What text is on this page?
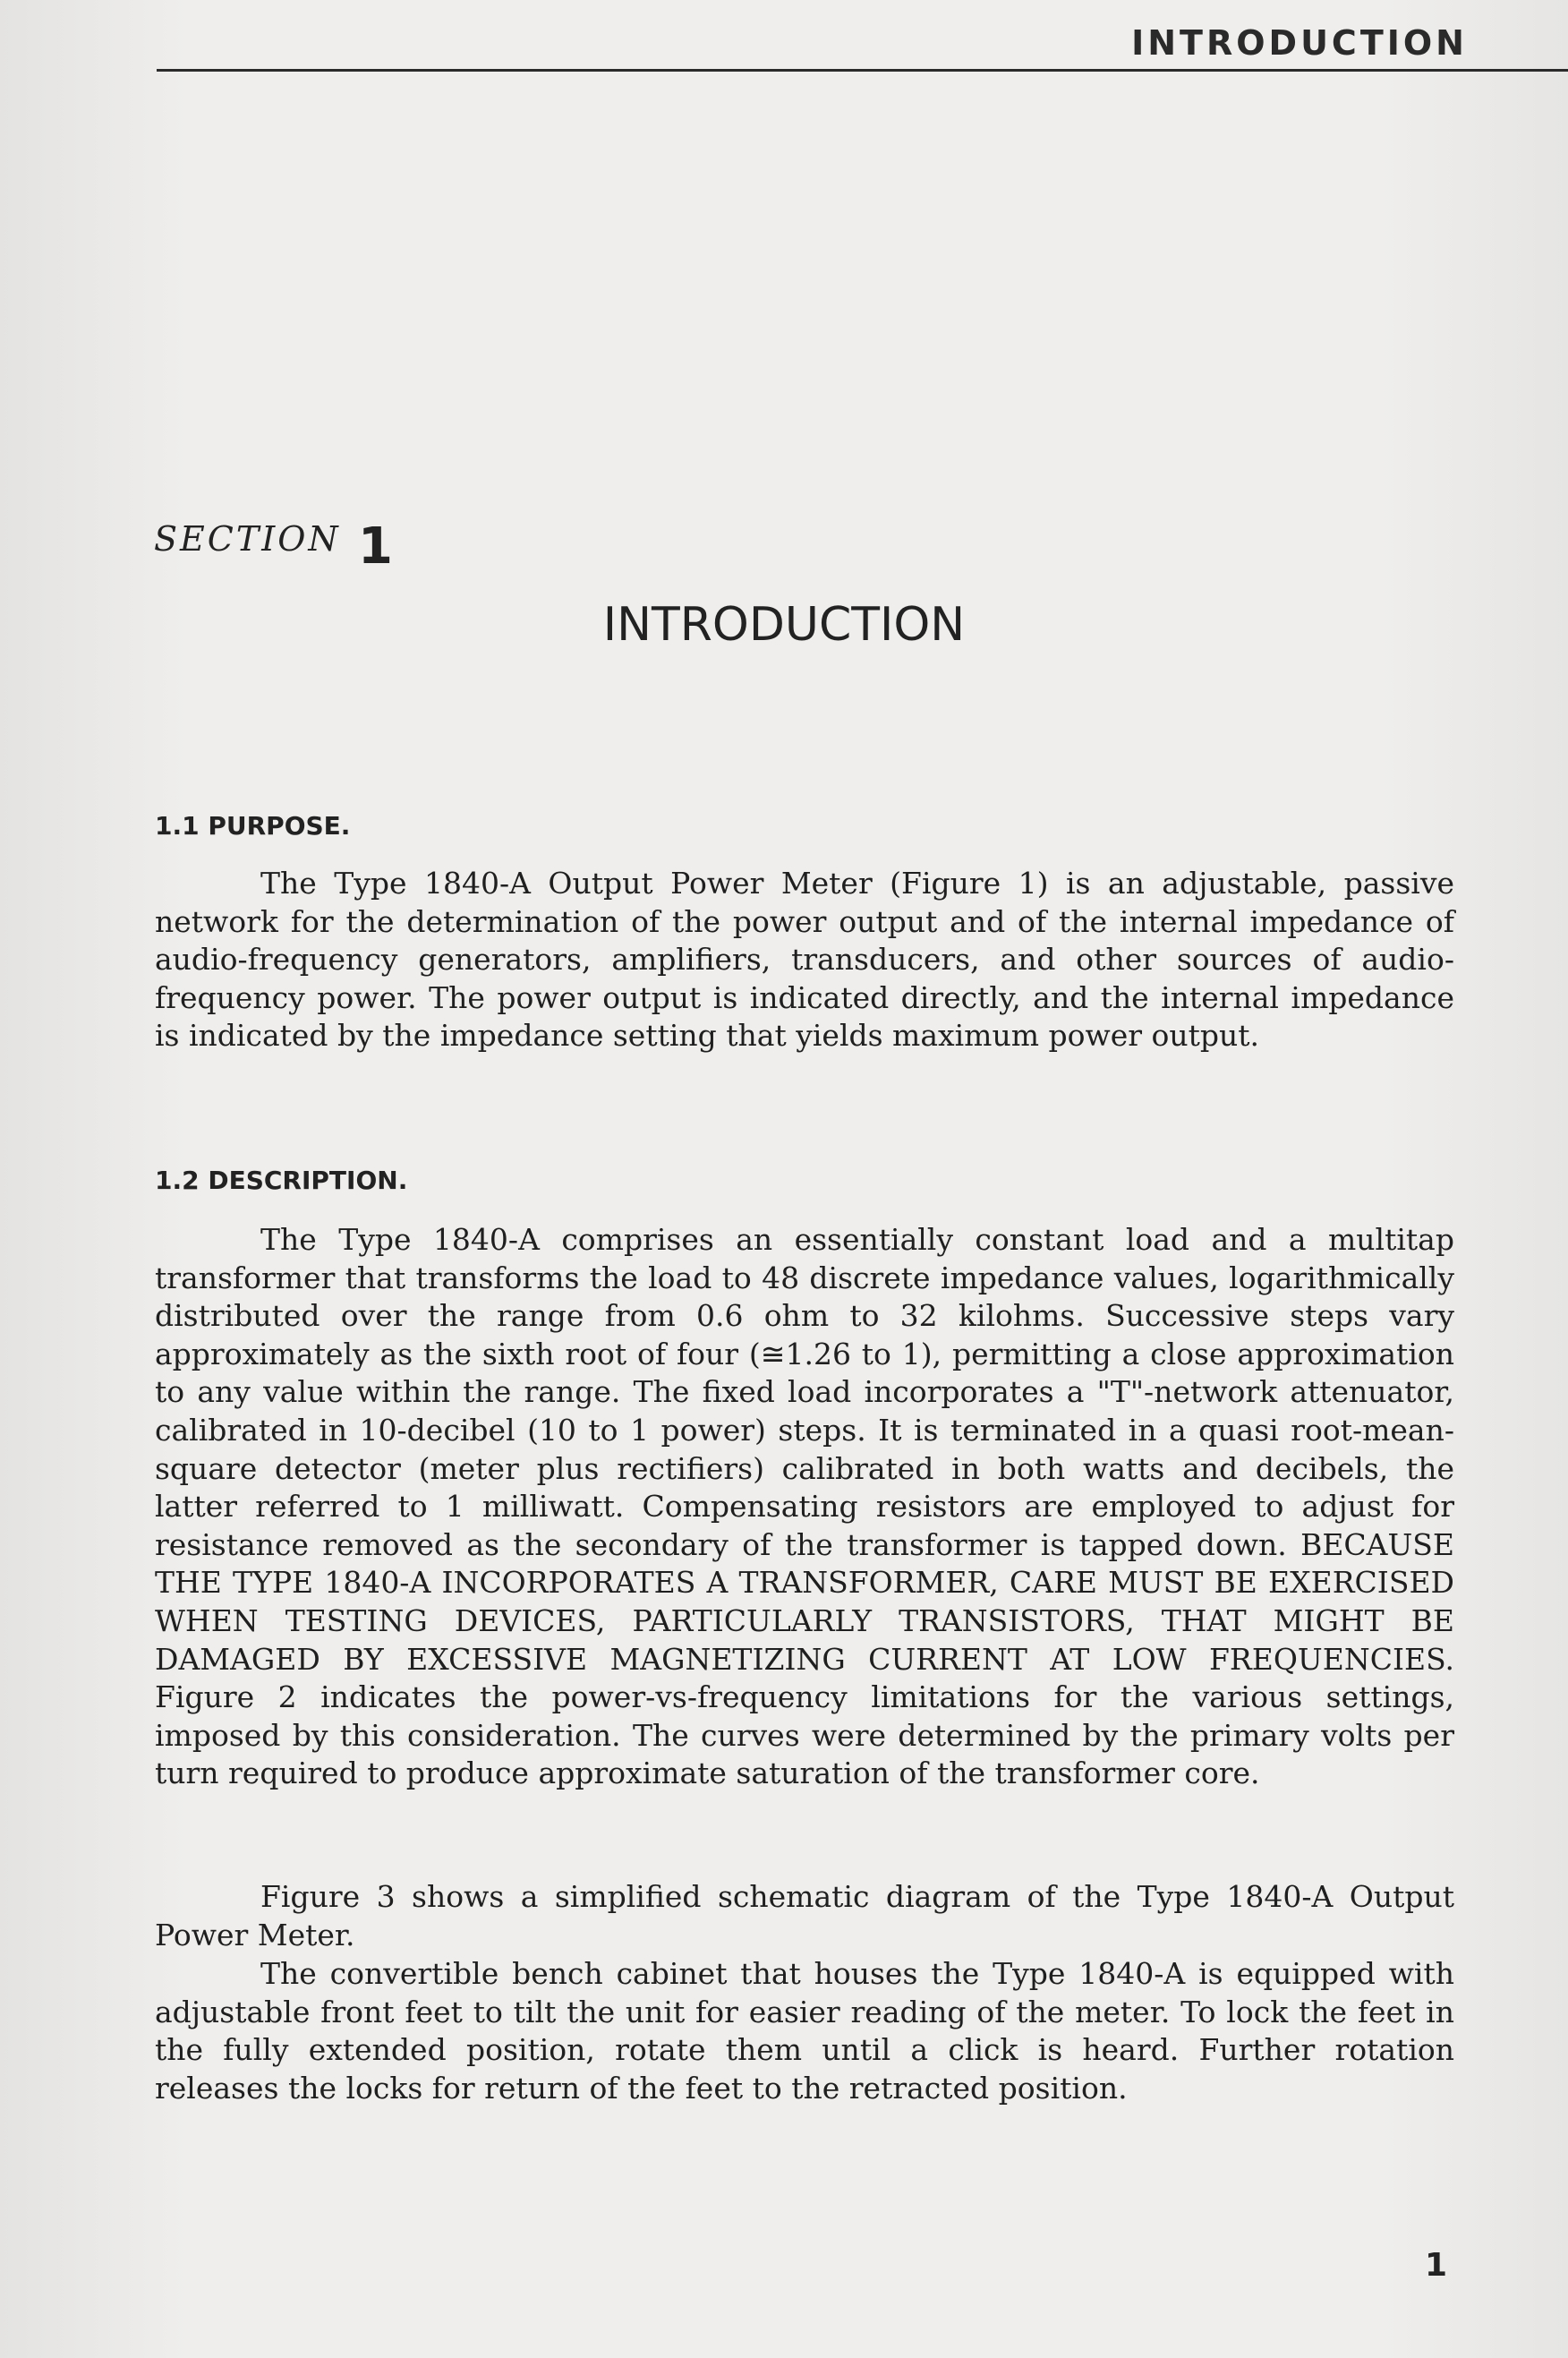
INTRODUCTION
SECTION 1
INTRODUCTION
1.1 PURPOSE.

The Type 1840-A Output Power Meter (Figure 1) is an adjustable, passive network for the determination of the power output and of the internal impedance of audio-frequency generators, amplifiers, transducers, and other sources of audio-frequency power. The power output is indicated directly, and the internal impedance is indicated by the impedance setting that yields maximum power output.

1.2 DESCRIPTION.

The Type 1840-A comprises an essentially constant load and a multitap transformer that transforms the load to 48 discrete impedance values, logarithmically distributed over the range from 0.6 ohm to 32 kilohms. Successive steps vary approximately as the sixth root of four (≅1.26 to 1), permitting a close approximation to any value within the range. The fixed load incorporates a "T"-network attenuator, calibrated in 10-decibel (10 to 1 power) steps. It is terminated in a quasi root-mean-square detector (meter plus rectifiers) calibrated in both watts and decibels, the latter referred to 1 milliwatt. Compensating resistors are employed to adjust for resistance removed as the secondary of the transformer is tapped down. BECAUSE THE TYPE 1840-A INCORPORATES A TRANSFORMER, CARE MUST BE EXERCISED WHEN TESTING DEVICES, PARTICULARLY TRANSISTORS, THAT MIGHT BE DAMAGED BY EXCESSIVE MAGNETIZING CURRENT AT LOW FREQUENCIES. Figure 2 indicates the power-vs-frequency limitations for the various settings, imposed by this consideration. The curves were determined by the primary volts per turn required to produce approximate saturation of the transformer core.

Figure 3 shows a simplified schematic diagram of the Type 1840-A Output Power Meter.

The convertible bench cabinet that houses the Type 1840-A is equipped with adjustable front feet to tilt the unit for easier reading of the meter. To lock the feet in the fully extended position, rotate them until a click is heard. Further rotation releases the locks for return of the feet to the retracted position.

1
